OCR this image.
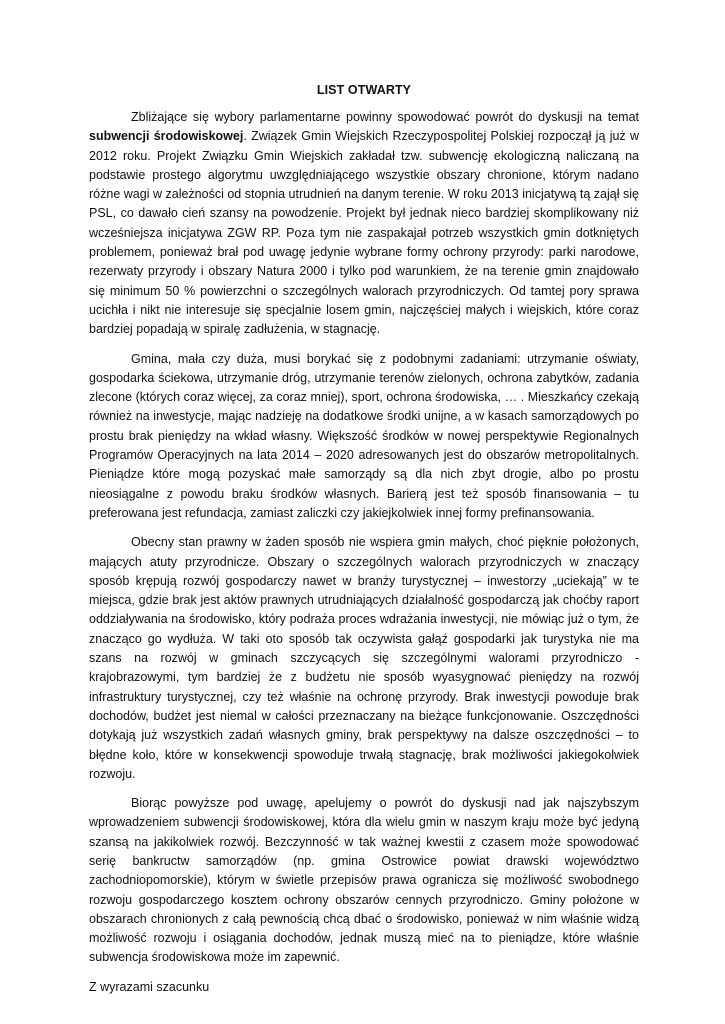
LIST OTWARTY

Zbliżające się wybory parlamentarne powinny spowodować powrót do dyskusji na temat subwencji środowiskowej. Związek Gmin Wiejskich Rzeczypospolitej Polskiej rozpoczął ją już w 2012 roku. Projekt Związku Gmin Wiejskich zakładał tzw. subwencję ekologiczną naliczaną na podstawie prostego algorytmu uwzględniającego wszystkie obszary chronione, którym nadano różne wagi w zależności od stopnia utrudnień na danym terenie. W roku 2013 inicjatywą tą zajął się PSL, co dawało cień szansy na powodzenie. Projekt był jednak nieco bardziej skomplikowany niż wcześniejsza inicjatywa ZGW RP. Poza tym nie zaspakajał potrzeb wszystkich gmin dotkniętych problemem, ponieważ brał pod uwagę jedynie wybrane formy ochrony przyrody: parki narodowe, rezerwaty przyrody i obszary Natura 2000 i tylko pod warunkiem, że na terenie gmin znajdowało się minimum 50 % powierzchni o szczególnych walorach przyrodniczych. Od tamtej pory sprawa ucichła i nikt nie interesuje się specjalnie losem gmin, najczęściej małych i wiejskich, które coraz bardziej popadają w spiralę zadłużenia, w stagnację.

Gmina, mała czy duża, musi borykać się z podobnymi zadaniami: utrzymanie oświaty, gospodarka ściekowa, utrzymanie dróg, utrzymanie terenów zielonych, ochrona zabytków, zadania zlecone (których coraz więcej, za coraz mniej), sport, ochrona środowiska, … . Mieszkańcy czekają również na inwestycje, mając nadzieję na dodatkowe środki unijne, a w kasach samorządowych po prostu brak pieniędzy na wkład własny. Większość środków w nowej perspektywie Regionalnych Programów Operacyjnych na lata 2014 – 2020 adresowanych jest do obszarów metropolitalnych. Pieniądze które mogą pozyskać małe samorządy są dla nich zbyt drogie, albo po prostu nieosiągalne z powodu braku środków własnych. Barierą jest też sposób finansowania – tu preferowana jest refundacja, zamiast zaliczki czy jakiejkolwiek innej formy prefinansowania.

Obecny stan prawny w żaden sposób nie wspiera gmin małych, choć pięknie położonych, mających atuty przyrodnicze. Obszary o szczególnych walorach przyrodniczych w znaczący sposób krępują rozwój gospodarczy nawet w branży turystycznej – inwestorzy „uciekają” w te miejsca, gdzie brak jest aktów prawnych utrudniających działalność gospodarczą jak choćby raport oddziaływania na środowisko, który podraża proces wdrażania inwestycji, nie mówiąc już o tym, że znacząco go wydłuża. W taki oto sposób tak oczywista gałąź gospodarki jak turystyka nie ma szans na rozwój w gminach szczycących się szczególnymi walorami przyrodniczo - krajobrazowymi, tym bardziej że z budżetu nie sposób wyasygnować pieniędzy na rozwój infrastruktury turystycznej, czy też właśnie na ochronę przyrody. Brak inwestycji powoduje brak dochodów, budżet jest niemal w całości przeznaczany na bieżące funkcjonowanie. Oszczędności dotykają już wszystkich zadań własnych gminy, brak perspektywy na dalsze oszczędności – to błędne koło, które w konsekwencji spowoduje trwałą stagnację, brak możliwości jakiegokolwiek rozwoju.

Biorąc powyższe pod uwagę, apelujemy o powrót do dyskusji nad jak najszybszym wprowadzeniem subwencji środowiskowej, która dla wielu gmin w naszym kraju może być jedyną szansą na jakikolwiek rozwój. Bezczynność w tak ważnej kwestii z czasem może spowodować serię bankructw samorządów (np. gmina Ostrowice powiat drawski województwo zachodniopomorskie), którym w świetle przepisów prawa ogranicza się możliwość swobodnego rozwoju gospodarczego kosztem ochrony obszarów cennych przyrodniczo. Gminy położone w obszarach chronionych z całą pewnością chcą dbać o środowisko, ponieważ w nim właśnie widzą możliwość rozwoju i osiągania dochodów, jednak muszą mieć na to pieniądze, które właśnie subwencja środowiskowa może im zapewnić.

Z wyrazami szacunku
